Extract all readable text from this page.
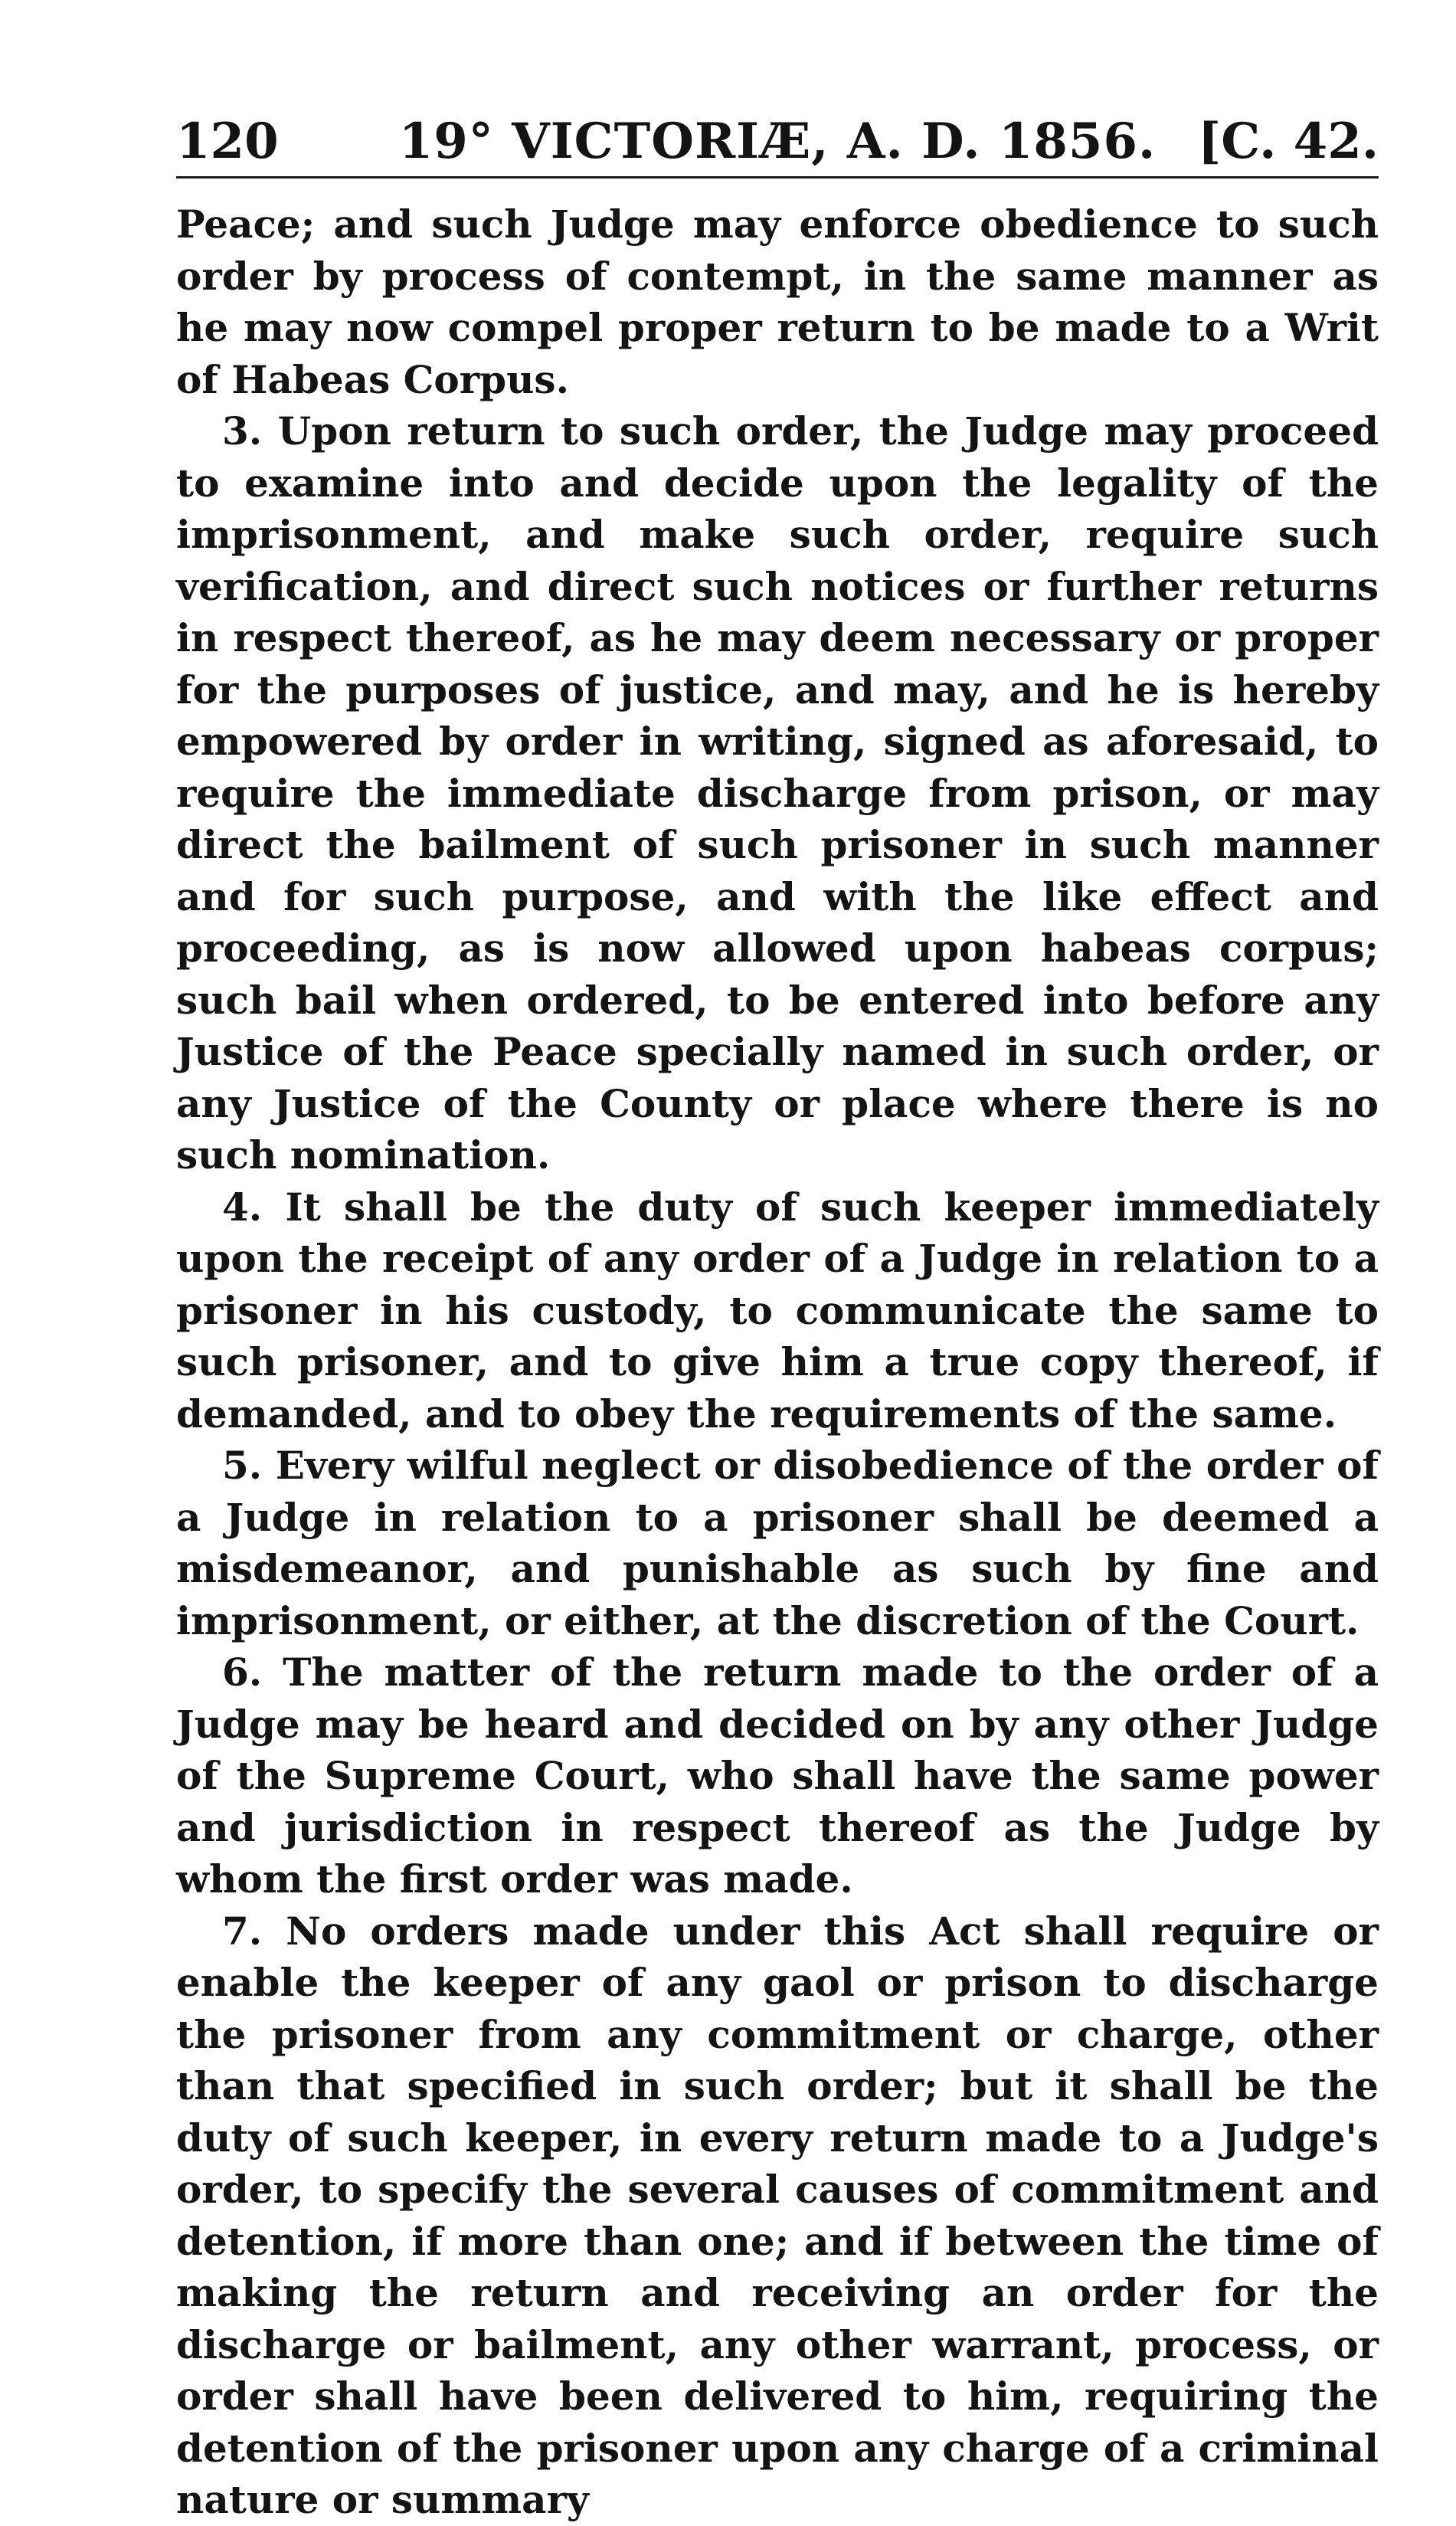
120	19° VICTORIÆ, A. D. 1856. [C. 42.

Peace; and such Judge may enforce obedience to such order by process of contempt, in the same manner as he may now compel proper return to be made to a Writ of Habeas Corpus.

3. Upon return to such order, the Judge may proceed to examine into and decide upon the legality of the imprisonment, and make such order, require such verification, and direct such notices or further returns in respect thereof, as he may deem necessary or proper for the purposes of justice, and may, and he is hereby empowered by order in writing, signed as aforesaid, to require the immediate discharge from prison, or may direct the bailment of such prisoner in such manner and for such purpose, and with the like effect and proceeding, as is now allowed upon habeas corpus; such bail when ordered, to be entered into before any Justice of the Peace specially named in such order, or any Justice of the County or place where there is no such nomination.

4. It shall be the duty of such keeper immediately upon the receipt of any order of a Judge in relation to a prisoner in his custody, to communicate the same to such prisoner, and to give him a true copy thereof, if demanded, and to obey the requirements of the same.

5. Every wilful neglect or disobedience of the order of a Judge in relation to a prisoner shall be deemed a misdemeanor, and punishable as such by fine and imprisonment, or either, at the discretion of the Court.

6. The matter of the return made to the order of a Judge may be heard and decided on by any other Judge of the Supreme Court, who shall have the same power and jurisdiction in respect thereof as the Judge by whom the first order was made.

7. No orders made under this Act shall require or enable the keeper of any gaol or prison to discharge the prisoner from any commitment or charge, other than that specified in such order; but it shall be the duty of such keeper, in every return made to a Judge's order, to specify the several causes of commitment and detention, if more than one; and if between the time of making the return and receiving an order for the discharge or bailment, any other warrant, process, or order shall have been delivered to him, requiring the detention of the prisoner upon any charge of a criminal nature or summary
